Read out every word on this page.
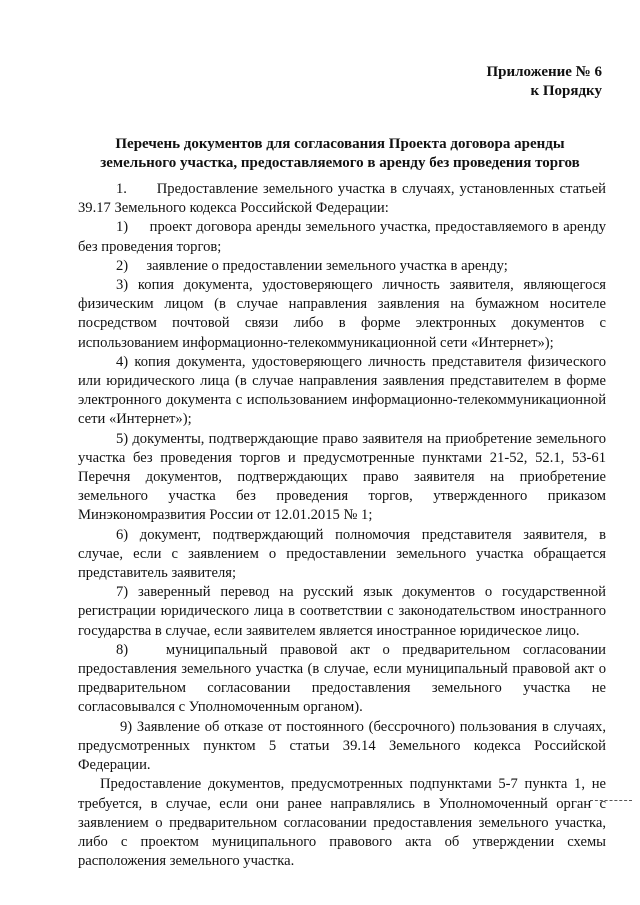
Приложение № 6
к Порядку
Перечень документов для согласования Проекта договора аренды
земельного участка, предоставляемого в аренду без проведения торгов

1.      Предоставление земельного участка в случаях, установленных статьей 39.17 Земельного кодекса Российской Федерации:

1)     проект договора аренды земельного участка, предоставляемого в аренду без проведения торгов;

2)     заявление о предоставлении земельного участка в аренду;

3) копия документа, удостоверяющего личность заявителя, являющегося физическим лицом (в случае направления заявления на бумажном носителе посредством почтовой связи либо в форме электронных документов с использованием информационно-телекоммуникационной сети «Интернет»);

4) копия документа, удостоверяющего личность представителя физического или юридического лица (в случае направления заявления представителем в форме электронного документа с использованием информационно-телекоммуникационной сети «Интернет»);

5) документы, подтверждающие право заявителя на приобретение земельного участка без проведения торгов и предусмотренные пунктами 21-52, 52.1, 53-61 Перечня документов, подтверждающих право заявителя на приобретение земельного участка без проведения торгов, утвержденного приказом Минэкономразвития России от 12.01.2015 № 1;

6) документ, подтверждающий полномочия представителя заявителя, в случае, если с заявлением о предоставлении земельного участка обращается представитель заявителя;

7) заверенный перевод на русский язык документов о государственной регистрации юридического лица в соответствии с законодательством иностранного государства в случае, если заявителем является иностранное юридическое лицо.

8)   муниципальный правовой акт о предварительном согласовании предоставления земельного участка (в случае, если муниципальный правовой акт о предварительном согласовании предоставления земельного участка не согласовывался с Уполномоченным органом).

9) Заявление об отказе от постоянного (бессрочного) пользования в случаях, предусмотренных пунктом 5 статьи 39.14 Земельного кодекса Российской Федерации.

Предоставление документов, предусмотренных подпунктами 5-7 пункта 1, не требуется, в случае, если они ранее направлялись в Уполномоченный орган с заявлением о предварительном согласовании предоставления земельного участка, либо с проектом муниципального правового акта об утверждении схемы расположения земельного участка.
